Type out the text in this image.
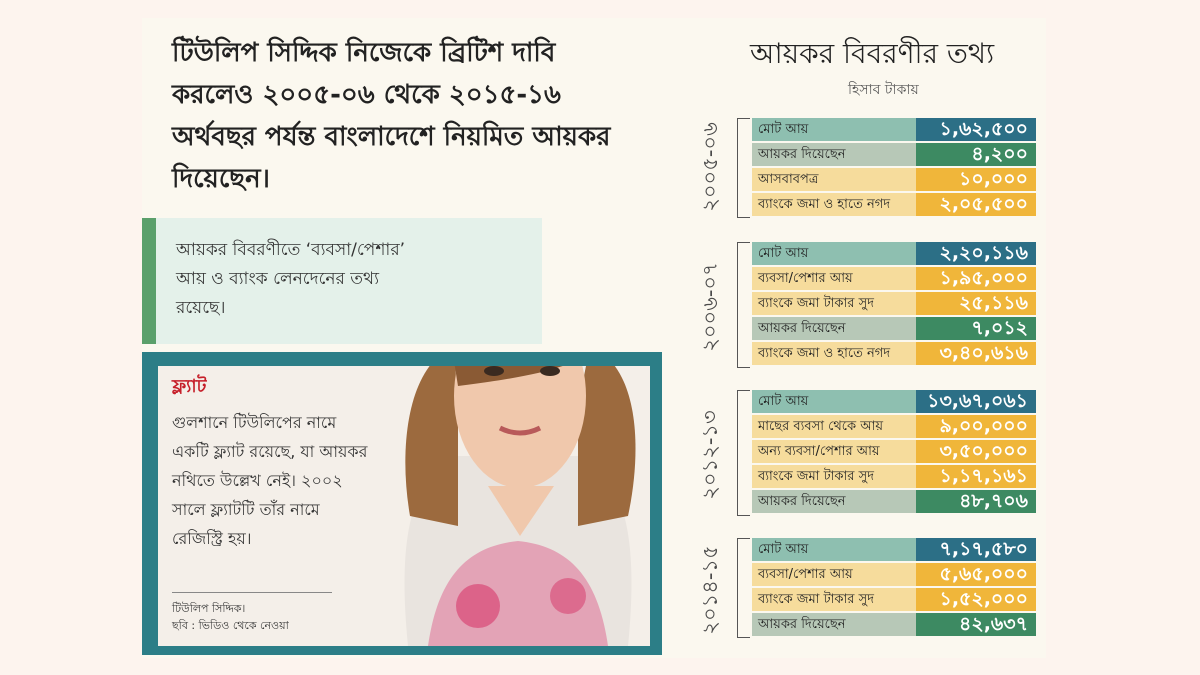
টিউলিপ সিদ্দিক নিজেকে ব্রিটিশ দাবি করলেও ২০০৫-০৬ থেকে ২০১৫-১৬ অর্থবছর পর্যন্ত বাংলাদেশে নিয়মিত আয়কর দিয়েছেন।

আয়কর বিবরণীতে ‘ব্যবসা/পেশার’ আয় ও ব্যাংক লেনদেনের তথ্য রয়েছে।

ফ্ল্যাট

গুলশানে টিউলিপের নামে একটি ফ্ল্যাট রয়েছে, যা আয়কর নথিতে উল্লেখ নেই। ২০০২ সালে ফ্ল্যাটটি তাঁর নামে রেজিস্ট্রি হয়।

টিউলিপ সিদ্দিক।
ছবি : ভিডিও থেকে নেওয়া

আয়কর বিবরণীর তথ্য

হিসাব টাকায়
২০০৫-০৬	মোট আয়	১,৬২,৫০০
আয়কর দিয়েছেন	৪,২০০
আসবাবপত্র	১০,০০০
ব্যাংকে জমা ও হাতে নগদ	২,০৫,৫০০
২০০৬-০৭
মোট আয়	২,২০,১১৬
ব্যবসা/পেশার আয়	১,৯৫,০০০
ব্যাংকে জমা টাকার সুদ	২৫,১১৬
আয়কর দিয়েছেন	৭,০১২
ব্যাংকে জমা ও হাতে নগদ	৩,৪০,৬১৬
২০১২-১৩
মোট আয়	১৩,৬৭,০৬১
মাছের ব্যবসা থেকে আয়	৯,০০,০০০
অন্য ব্যবসা/পেশার আয়	৩,৫০,০০০
ব্যাংকে জমা টাকার সুদ	১,১৭,১৬১
আয়কর দিয়েছেন	৪৮,৭০৬
২০১৪-১৫	মোট আয়	৭,১৭,৫৮০
ব্যবসা/পেশার আয়	৫,৬৫,০০০
ব্যাংকে জমা টাকার সুদ	১,৫২,০০০
আয়কর দিয়েছেন	৪২,৬৩৭
